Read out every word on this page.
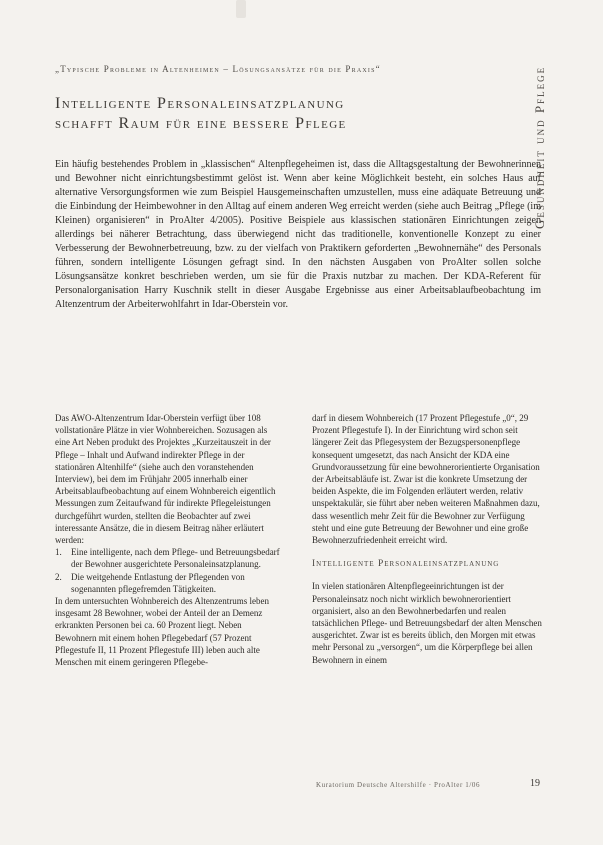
„Typische Probleme in Altenheimen – Lösungsansätze für die Praxis“
Intelligente Personaleinsatzplanung
schafft Raum für eine bessere Pflege	Gesundheit und Pflege
Ein häufig bestehendes Problem in „klassischen“ Altenpflegeheimen ist, dass die Alltagsgestaltung der Bewohnerinnen und Bewohner nicht einrichtungsbestimmt gelöst ist. Wenn aber keine Möglichkeit besteht, ein solches Haus auf alternative Versorgungsformen wie zum Beispiel Hausgemeinschaften umzustellen, muss eine adäquate Betreuung und die Einbindung der Heimbewohner in den Alltag auf einem anderen Weg erreicht werden (siehe auch Beitrag „Pflege (im Kleinen) organisieren“ in ProAlter 4/2005). Positive Beispiele aus klassischen stationären Einrichtungen zeigen allerdings bei näherer Betrachtung, dass überwiegend nicht das traditionelle, konventionelle Konzept zu einer Verbesserung der Bewohnerbetreuung, bzw. zu der vielfach von Praktikern geforderten „Bewohnernähe“ des Personals führen, sondern intelligente Lösungen gefragt sind. In den nächsten Ausgaben von ProAlter sollen solche Lösungsansätze konkret beschrieben werden, um sie für die Praxis nutzbar zu machen. Der KDA-Referent für Personalorganisation Harry Kuschnik stellt in dieser Ausgabe Ergebnisse aus einer Arbeitsablaufbeobachtung im Altenzentrum der Arbeiterwohlfahrt in Idar-Oberstein vor.

Das AWO-Altenzentrum Idar-Oberstein verfügt über 108 vollstationäre Plätze in vier Wohnbereichen. Sozusagen als eine Art Neben produkt des Projektes „Kurzeitauszeit in der Pflege – Inhalt und Aufwand indirekter Pflege in der stationären Altenhilfe“ (siehe auch den voranstehenden Interview), bei dem im Frühjahr 2005 innerhalb einer Arbeitsablaufbeobachtung auf einem Wohnbereich eigentlich Messungen zum Zeitaufwand für indirekte Pflegeleistungen durchgeführt wurden, stellten die Beobachter auf zwei interessante Ansätze, die in diesem Beitrag näher erläutert werden:

1.	Eine intelligente, nach dem Pflege- und Betreuungsbedarf der Bewohner ausgerichtete Personaleinsatzplanung.
2.	Die weitgehende Entlastung der Pflegenden von sogenannten pflegefremden Tätigkeiten.

In dem untersuchten Wohnbereich des Altenzentrums leben insgesamt 28 Bewohner, wobei der Anteil der an Demenz erkrankten Personen bei ca. 60 Prozent liegt. Neben Bewohnern mit einem hohen Pflegebedarf (57 Prozent Pflegestufe II, 11 Prozent Pflegestufe III) leben auch alte Menschen mit einem geringeren Pflegebe-

darf in diesem Wohnbereich (17 Prozent Pflegestufe „0“, 29 Prozent Pflegestufe I). In der Einrichtung wird schon seit längerer Zeit das Pflegesystem der Bezugspersonenpflege konsequent umgesetzt, das nach Ansicht der KDA eine Grundvoraussetzung für eine bewohnerorientierte Organisation der Arbeitsabläufe ist. Zwar ist die konkrete Umsetzung der beiden Aspekte, die im Folgenden erläutert werden, relativ unspektakulär, sie führt aber neben weiteren Maßnahmen dazu, dass wesentlich mehr Zeit für die Bewohner zur Verfügung steht und eine gute Betreuung der Bewohner und eine große Bewohnerzufriedenheit erreicht wird.

Intelligente Personaleinsatzplanung

In vielen stationären Altenpflegeeinrichtungen ist der Personaleinsatz noch nicht wirklich bewohnerorientiert organisiert, also an den Bewohnerbedarfen und realen tatsächlichen Pflege- und Betreuungsbedarf der alten Menschen ausgerichtet. Zwar ist es bereits üblich, den Morgen mit etwas mehr Personal zu „versorgen“, um die Körperpflege bei allen Bewohnern in einem

Kuratorium Deutsche Altershilfe · ProAlter 1/06	19
